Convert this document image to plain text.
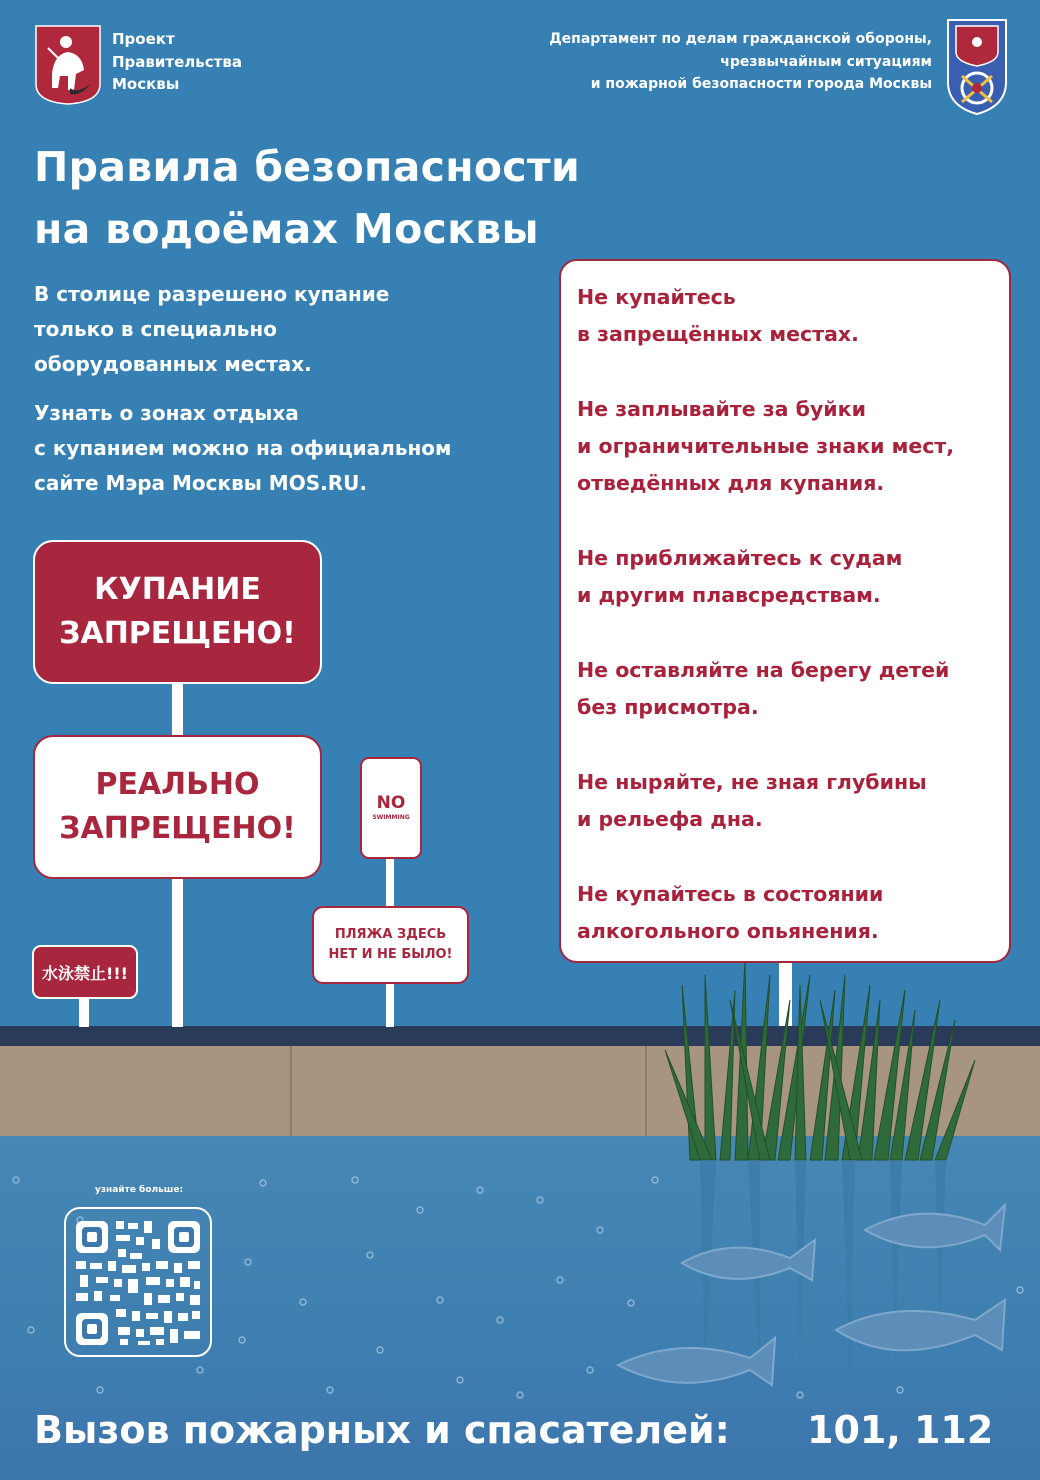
Проект
Правительства
Москвы
Департамент по делам гражданской обороны,
чрезвычайным ситуациям
и пожарной безопасности города Москвы
Правила безопасности
на водоёмах Москвы

В столице разрешено купание
только в специально
оборудованных местах.

Узнать о зонах отдыха
с купанием можно на официальном
сайте Мэра Москвы MOS.RU.

Не купайтесь
в запрещённых местах.
Не заплывайте за буйки
и ограничительные знаки мест,
отведённых для купания.
Не приближайтесь к судам
и другим плавсредствам.
Не оставляйте на берегу детей
без присмотра.
Не ныряйте, не зная глубины
и рельефа дна.
Не купайтесь в состоянии
алкогольного опьянения.
КУПАНИЕ
ЗАПРЕЩЕНО!
РЕАЛЬНО
ЗАПРЕЩЕНО!
水泳禁止!!!
NO
SWIMMING
ПЛЯЖА ЗДЕСЬ
НЕТ И НЕ БЫЛО!
узнайте больше:
Вызов пожарных и спасателей: 101, 112
